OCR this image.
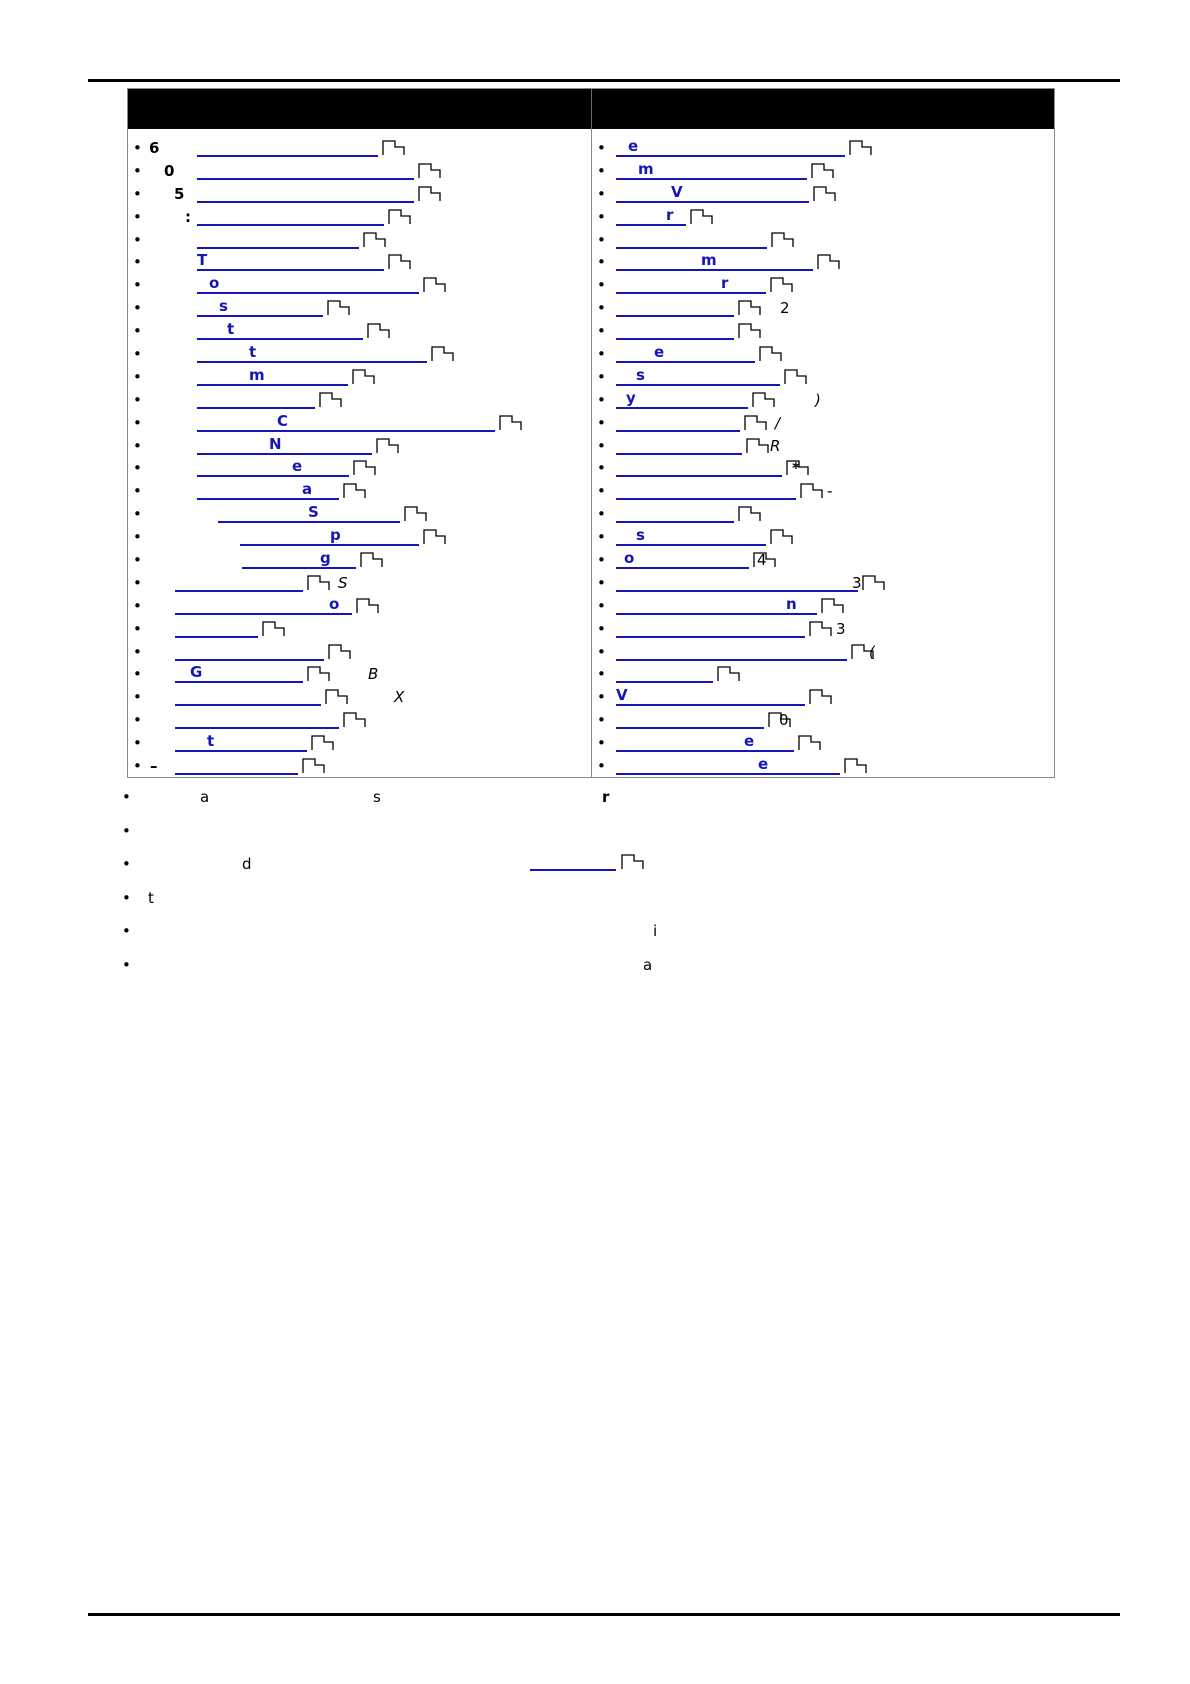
• 6
• 0
• 5
•	:
•
•	T
•	o
•	s
•	t
•	t
•	m
•
•	C
•	N
•	e
•	a
•	S
•	p
•	g
•	S
•	o
•
•
•	G	B
•	X
•
•	t
• –
• e
• m
•	V
•	r
•
•	m
•	r
•	2
•
•	e
• s
• y	)
•	/
•	R
•	*
•	-
•
• s
• o	4
•	3
•	n
•	3
•	(
•
• V
•	0
•	e
•	e
•	a	s	r
•
•	d
• t
•	i
•	a
